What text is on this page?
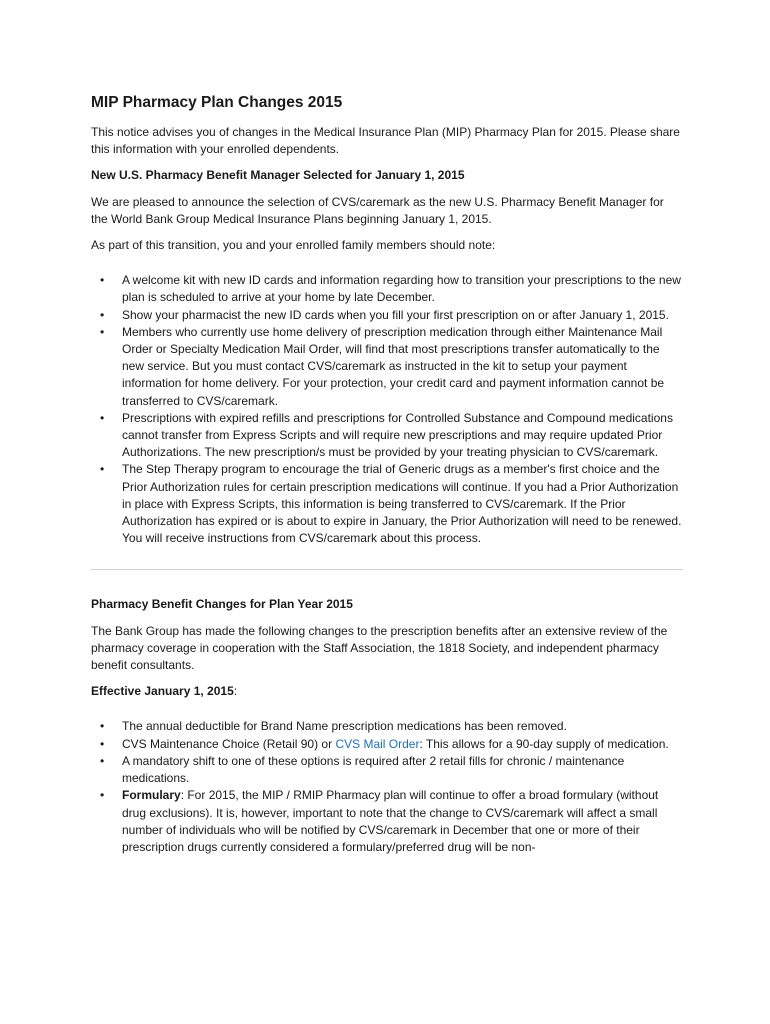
MIP Pharmacy Plan Changes 2015

This notice advises you of changes in the Medical Insurance Plan (MIP) Pharmacy Plan for 2015. Please share this information with your enrolled dependents.

New U.S. Pharmacy Benefit Manager Selected for January 1, 2015

We are pleased to announce the selection of CVS/caremark as the new U.S. Pharmacy Benefit Manager for the World Bank Group Medical Insurance Plans beginning January 1, 2015.

As part of this transition, you and your enrolled family members should note:

• A welcome kit with new ID cards and information regarding how to transition your prescriptions to the new plan is scheduled to arrive at your home by late December.
• Show your pharmacist the new ID cards when you fill your first prescription on or after January 1, 2015.
• Members who currently use home delivery of prescription medication through either Maintenance Mail Order or Specialty Medication Mail Order, will find that most prescriptions transfer automatically to the new service. But you must contact CVS/caremark as instructed in the kit to setup your payment information for home delivery. For your protection, your credit card and payment information cannot be transferred to CVS/caremark.
• Prescriptions with expired refills and prescriptions for Controlled Substance and Compound medications cannot transfer from Express Scripts and will require new prescriptions and may require updated Prior Authorizations. The new prescription/s must be provided by your treating physician to CVS/caremark.
• The Step Therapy program to encourage the trial of Generic drugs as a member's first choice and the Prior Authorization rules for certain prescription medications will continue. If you had a Prior Authorization in place with Express Scripts, this information is being transferred to CVS/caremark. If the Prior Authorization has expired or is about to expire in January, the Prior Authorization will need to be renewed. You will receive instructions from CVS/caremark about this process.

Pharmacy Benefit Changes for Plan Year 2015

The Bank Group has made the following changes to the prescription benefits after an extensive review of the pharmacy coverage in cooperation with the Staff Association, the 1818 Society, and independent pharmacy benefit consultants.

Effective January 1, 2015:

• The annual deductible for Brand Name prescription medications has been removed.
• CVS Maintenance Choice (Retail 90) or CVS Mail Order: This allows for a 90-day supply of medication.
• A mandatory shift to one of these options is required after 2 retail fills for chronic / maintenance medications.
• Formulary: For 2015, the MIP / RMIP Pharmacy plan will continue to offer a broad formulary (without drug exclusions). It is, however, important to note that the change to CVS/caremark will affect a small number of individuals who will be notified by CVS/caremark in December that one or more of their prescription drugs currently considered a formulary/preferred drug will be non-
